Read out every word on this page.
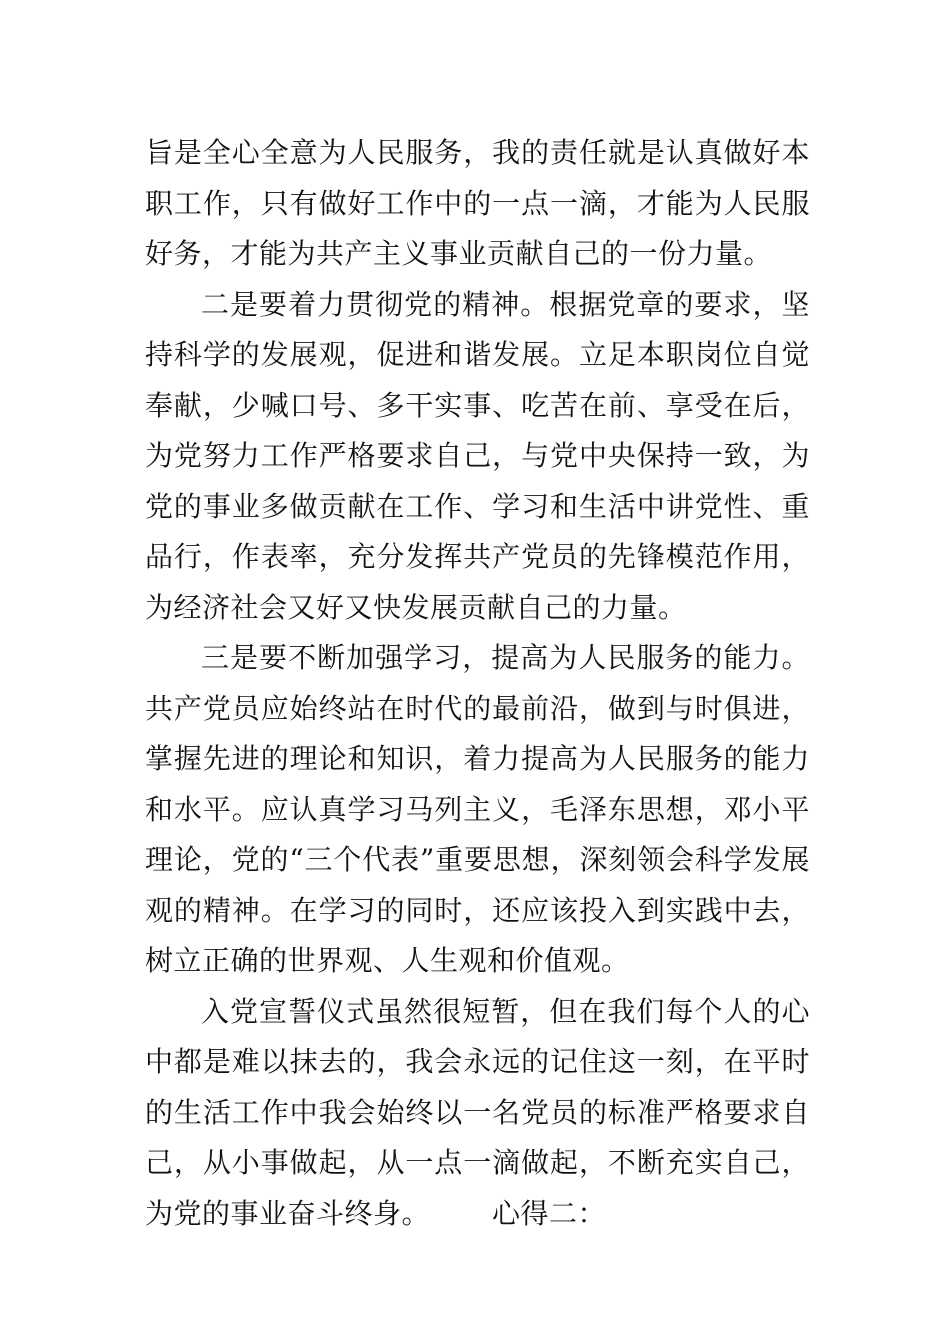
旨是全心全意为人民服务，我的责任就是认真做好本职工作，只有做好工作中的一点一滴，才能为人民服好务，才能为共产主义事业贡献自己的一份力量。

二是要着力贯彻党的精神。根据党章的要求，坚持科学的发展观，促进和谐发展。立足本职岗位自觉奉献，少喊口号、多干实事、吃苦在前、享受在后，为党努力工作严格要求自己，与党中央保持一致，为党的事业多做贡献在工作、学习和生活中讲党性、重品行，作表率，充分发挥共产党员的先锋模范作用，为经济社会又好又快发展贡献自己的力量。

三是要不断加强学习，提高为人民服务的能力。共产党员应始终站在时代的最前沿，做到与时俱进，掌握先进的理论和知识，着力提高为人民服务的能力和水平。应认真学习马列主义，毛泽东思想，邓小平理论，党的“三个代表”重要思想，深刻领会科学发展观的精神。在学习的同时，还应该投入到实践中去，树立正确的世界观、人生观和价值观。

入党宣誓仪式虽然很短暂，但在我们每个人的心中都是难以抹去的，我会永远的记住这一刻，在平时的生活工作中我会始终以一名党员的标准严格要求自己，从小事做起，从一点一滴做起，不断充实自己，为党的事业奋斗终身。 心得二：
